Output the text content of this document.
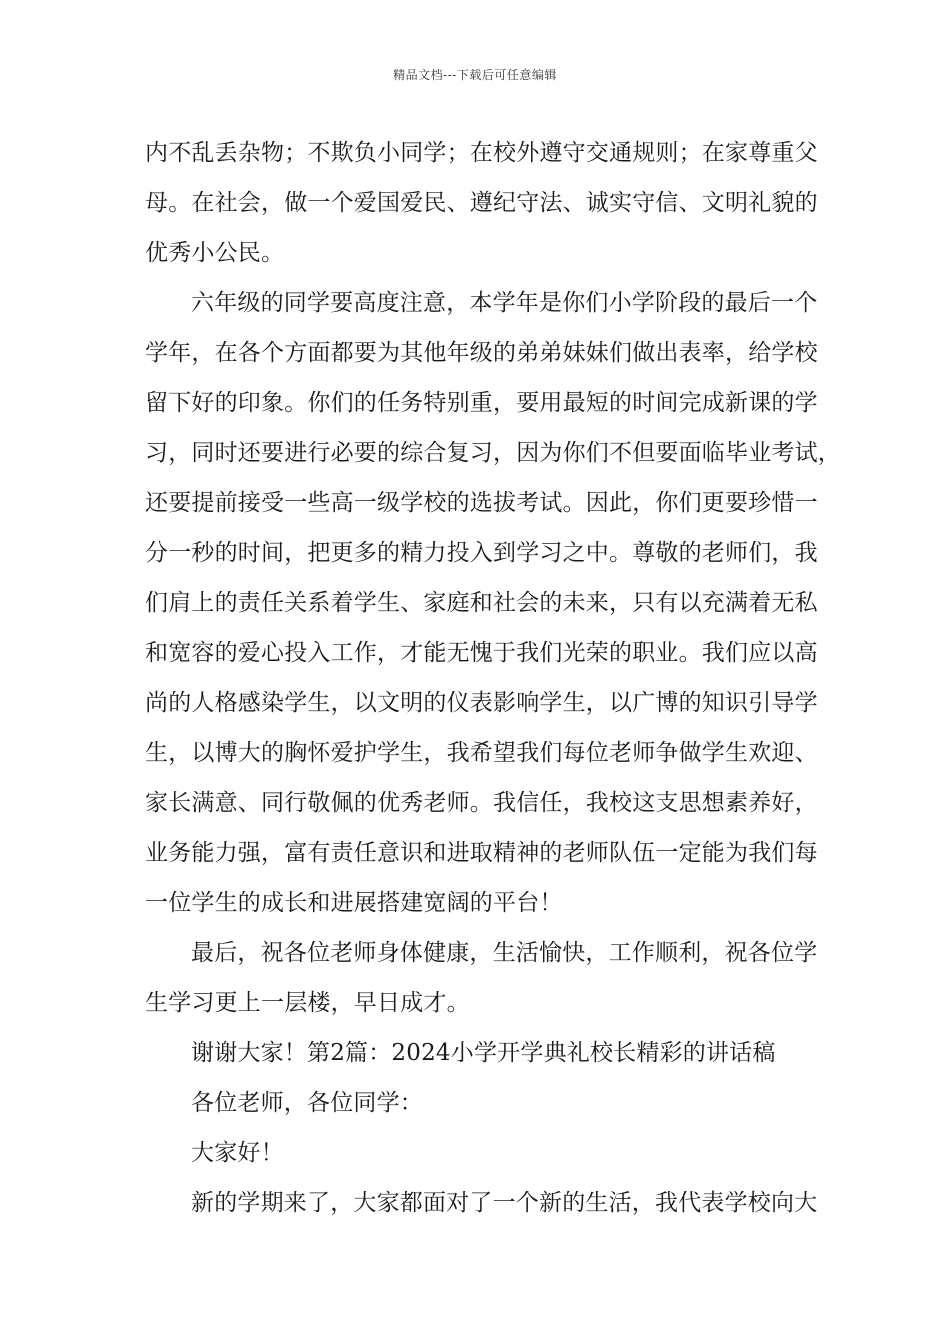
精品文档---下载后可任意编辑
内不乱丢杂物；不欺负小同学；在校外遵守交通规则；在家尊重父
母。在社会，做一个爱国爱民、遵纪守法、诚实守信、文明礼貌的
优秀小公民。
六年级的同学要高度注意，本学年是你们小学阶段的最后一个
学年，在各个方面都要为其他年级的弟弟妹妹们做出表率，给学校
留下好的印象。你们的任务特别重，要用最短的时间完成新课的学
习，同时还要进行必要的综合复习，因为你们不但要面临毕业考试，
还要提前接受一些高一级学校的选拔考试。因此，你们更要珍惜一
分一秒的时间，把更多的精力投入到学习之中。尊敬的老师们，我
们肩上的责任关系着学生、家庭和社会的未来，只有以充满着无私
和宽容的爱心投入工作，才能无愧于我们光荣的职业。我们应以高
尚的人格感染学生，以文明的仪表影响学生，以广博的知识引导学
生，以博大的胸怀爱护学生，我希望我们每位老师争做学生欢迎、
家长满意、同行敬佩的优秀老师。我信任，我校这支思想素养好，
业务能力强，富有责任意识和进取精神的老师队伍一定能为我们每
一位学生的成长和进展搭建宽阔的平台！
最后，祝各位老师身体健康，生活愉快，工作顺利，祝各位学
生学习更上一层楼，早日成才。
谢谢大家！第2篇：2024小学开学典礼校长精彩的讲话稿
各位老师，各位同学：
大家好！
新的学期来了，大家都面对了一个新的生活，我代表学校向大
